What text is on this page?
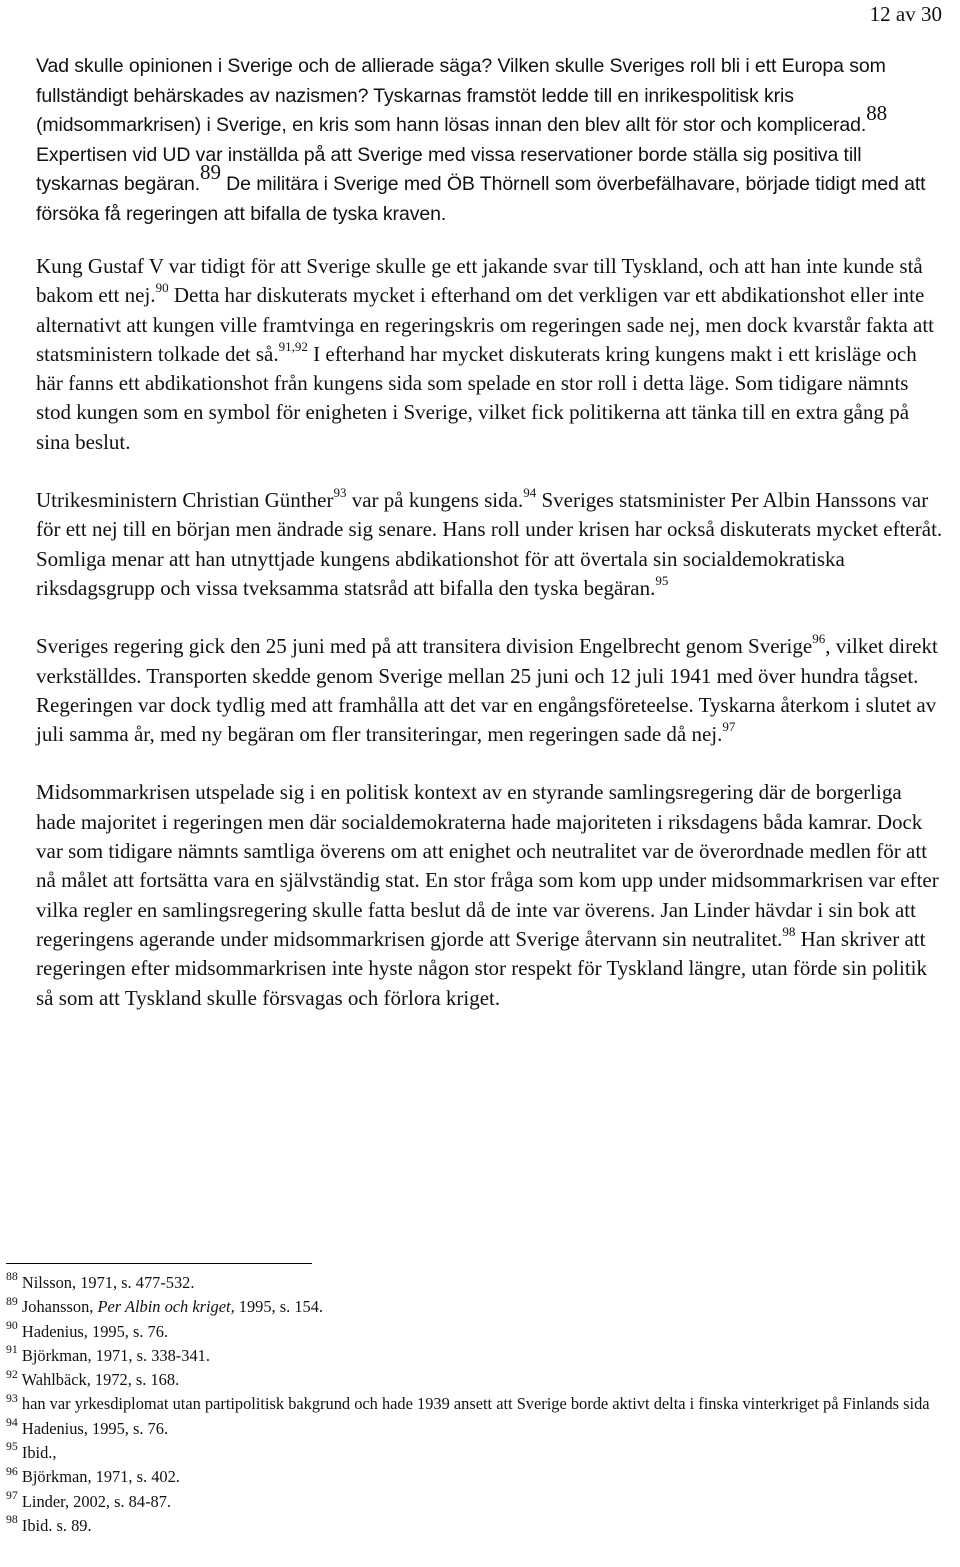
12 av 30

Vad skulle opinionen i Sverige och de allierade säga? Vilken skulle Sveriges roll bli i ett Europa som fullständigt behärskades av nazismen? Tyskarnas framstöt ledde till en inrikespolitisk kris (midsommarkrisen) i Sverige, en kris som hann lösas innan den blev allt för stor och komplicerad.$^{88}$ Expertisen vid UD var inställda på att Sverige med vissa reservationer borde ställa sig positiva till tyskarnas begäran.$^{89}$ De militära i Sverige med ÖB Thörnell som överbefälhavare, började tidigt med att försöka få regeringen att bifalla de tyska kraven.

Kung Gustaf V var tidigt för att Sverige skulle ge ett jakande svar till Tyskland, och att han inte kunde stå bakom ett nej.$^{90}$ Detta har diskuterats mycket i efterhand om det verkligen var ett abdikationshot eller inte alternativt att kungen ville framtvinga en regeringskris om regeringen sade nej, men dock kvarstår fakta att statsministern tolkade det så.$^{91,92}$ I efterhand har mycket diskuterats kring kungens makt i ett krisläge och här fanns ett abdikationshot från kungens sida som spelade en stor roll i detta läge. Som tidigare nämnts stod kungen som en symbol för enigheten i Sverige, vilket fick politikerna att tänka till en extra gång på sina beslut.

Utrikesministern Christian Günther$^{93}$ var på kungens sida.$^{94}$ Sveriges statsminister Per Albin Hanssons var för ett nej till en början men ändrade sig senare. Hans roll under krisen har också diskuterats mycket efteråt. Somliga menar att han utnyttjade kungens abdikationshot för att övertala sin socialdemokratiska riksdagsgrupp och vissa tveksamma statsråd att bifalla den tyska begäran.$^{95}$

Sveriges regering gick den 25 juni med på att transitera division Engelbrecht genom Sverige$^{96}$, vilket direkt verkställdes. Transporten skedde genom Sverige mellan 25 juni och 12 juli 1941 med över hundra tågset. Regeringen var dock tydlig med att framhålla att det var en engångsföreteelse. Tyskarna återkom i slutet av juli samma år, med ny begäran om fler transiteringar, men regeringen sade då nej.$^{97}$

Midsommarkrisen utspelade sig i en politisk kontext av en styrande samlingsregering där de borgerliga hade majoritet i regeringen men där socialdemokraterna hade majoriteten i riksdagens båda kamrar. Dock var som tidigare nämnts samtliga överens om att enighet och neutralitet var de överordnade medlen för att nå målet att fortsätta vara en självständig stat. En stor fråga som kom upp under midsommarkrisen var efter vilka regler en samlingsregering skulle fatta beslut då de inte var överens. Jan Linder hävdar i sin bok att regeringens agerande under midsommarkrisen gjorde att Sverige återvann sin neutralitet.$^{98}$ Han skriver att regeringen efter midsommarkrisen inte hyste någon stor respekt för Tyskland längre, utan förde sin politik så som att Tyskland skulle försvagas och förlora kriget.

$^{88}$ Nilsson, 1971, s. 477-532.
$^{89}$ Johansson, Per Albin och kriget, 1995, s. 154.
$^{90}$ Hadenius, 1995, s. 76.
$^{91}$ Björkman, 1971, s. 338-341.
$^{92}$ Wahlbäck, 1972, s. 168.
$^{93}$ han var yrkesdiplomat utan partipolitisk bakgrund och hade 1939 ansett att Sverige borde aktivt delta i finska vinterkriget på Finlands sida
$^{94}$ Hadenius, 1995, s. 76.
$^{95}$ Ibid.,
$^{96}$ Björkman, 1971, s. 402.
$^{97}$ Linder, 2002, s. 84-87.
$^{98}$ Ibid. s. 89.
